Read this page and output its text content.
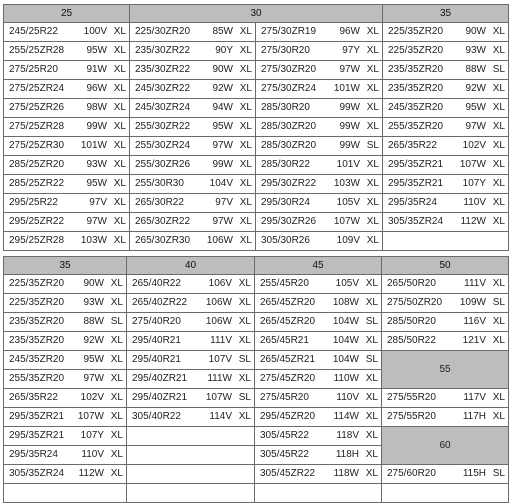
25	30		35

245/25R22 100V XL	225/30ZR20 85W XL	275/30ZR19 96W XL	225/35ZR20 90W XL

255/25ZR28 95W XL	235/30ZR22 90Y XL	275/30R20 97Y XL	225/35ZR20 93W XL

275/25R20 91W XL	235/30ZR22 90W XL	275/30ZR20 97W XL	235/35ZR20 88W SL

275/25ZR24 96W XL	245/30ZR22 92W XL	275/30ZR24 101W XL	235/35ZR20 92W XL

275/25ZR26 98W XL	245/30ZR24 94W XL	285/30R20 99W XL	245/35ZR20 95W XL

275/25ZR28 99W XL	255/30ZR22 95W XL	285/30ZR20 99W XL	255/35ZR20 97W XL

275/25ZR30 101W XL	255/30ZR24 97W XL	285/30ZR20 99W SL	265/35R22 102V XL

285/25ZR20 93W XL	255/30ZR26 99W XL	285/30R22 101V XL	295/35ZR21 107W XL

285/25ZR22 95W XL	255/30R30 104V XL	295/30ZR22 103W XL	295/35ZR21 107Y XL

295/25R22 97V XL	265/30R22 97V XL	295/30R24 105V XL	295/35R24 110V XL

295/25ZR22 97W XL	265/30ZR22 97W XL	295/30ZR26 107W XL	305/35ZR24 112W XL

295/25ZR28 103W XL	265/30ZR30 106W XL	305/30R26 109V XL	

35	40	45	50

225/35ZR20 90W XL	265/40R22 106V XL	255/45R20 105V XL	265/50R20 111V XL

225/35ZR20 93W XL	265/40ZR22 106W XL	265/45ZR20 108W XL	275/50ZR20 109W SL

235/35ZR20 88W SL	275/40R20 106W XL	265/45ZR20 104W SL	285/50R20 116V XL

235/35ZR20 92W XL	295/40R21 111V XL	265/45R21 104W XL	285/50R22 121V XL

245/35ZR20 95W XL	295/40R21 107V SL	265/45ZR21 104W SL	55

255/35ZR20 97W XL	295/40ZR21 111W XL	275/45ZR20 110W XL	

265/35R22 102V XL	295/40ZR21 107W SL	275/45R20 110V XL	275/55R20 117V XL

295/35ZR21 107W XL	305/40R22 114V XL	295/45ZR20 114W XL	275/55R20 117H XL

295/35ZR21 107Y XL		305/45R22 118V XL	60

295/35R24 110V XL		305/45R22 118H XL	

305/35ZR24 112W XL		305/45ZR22 118W XL	275/60R20 115H SL
